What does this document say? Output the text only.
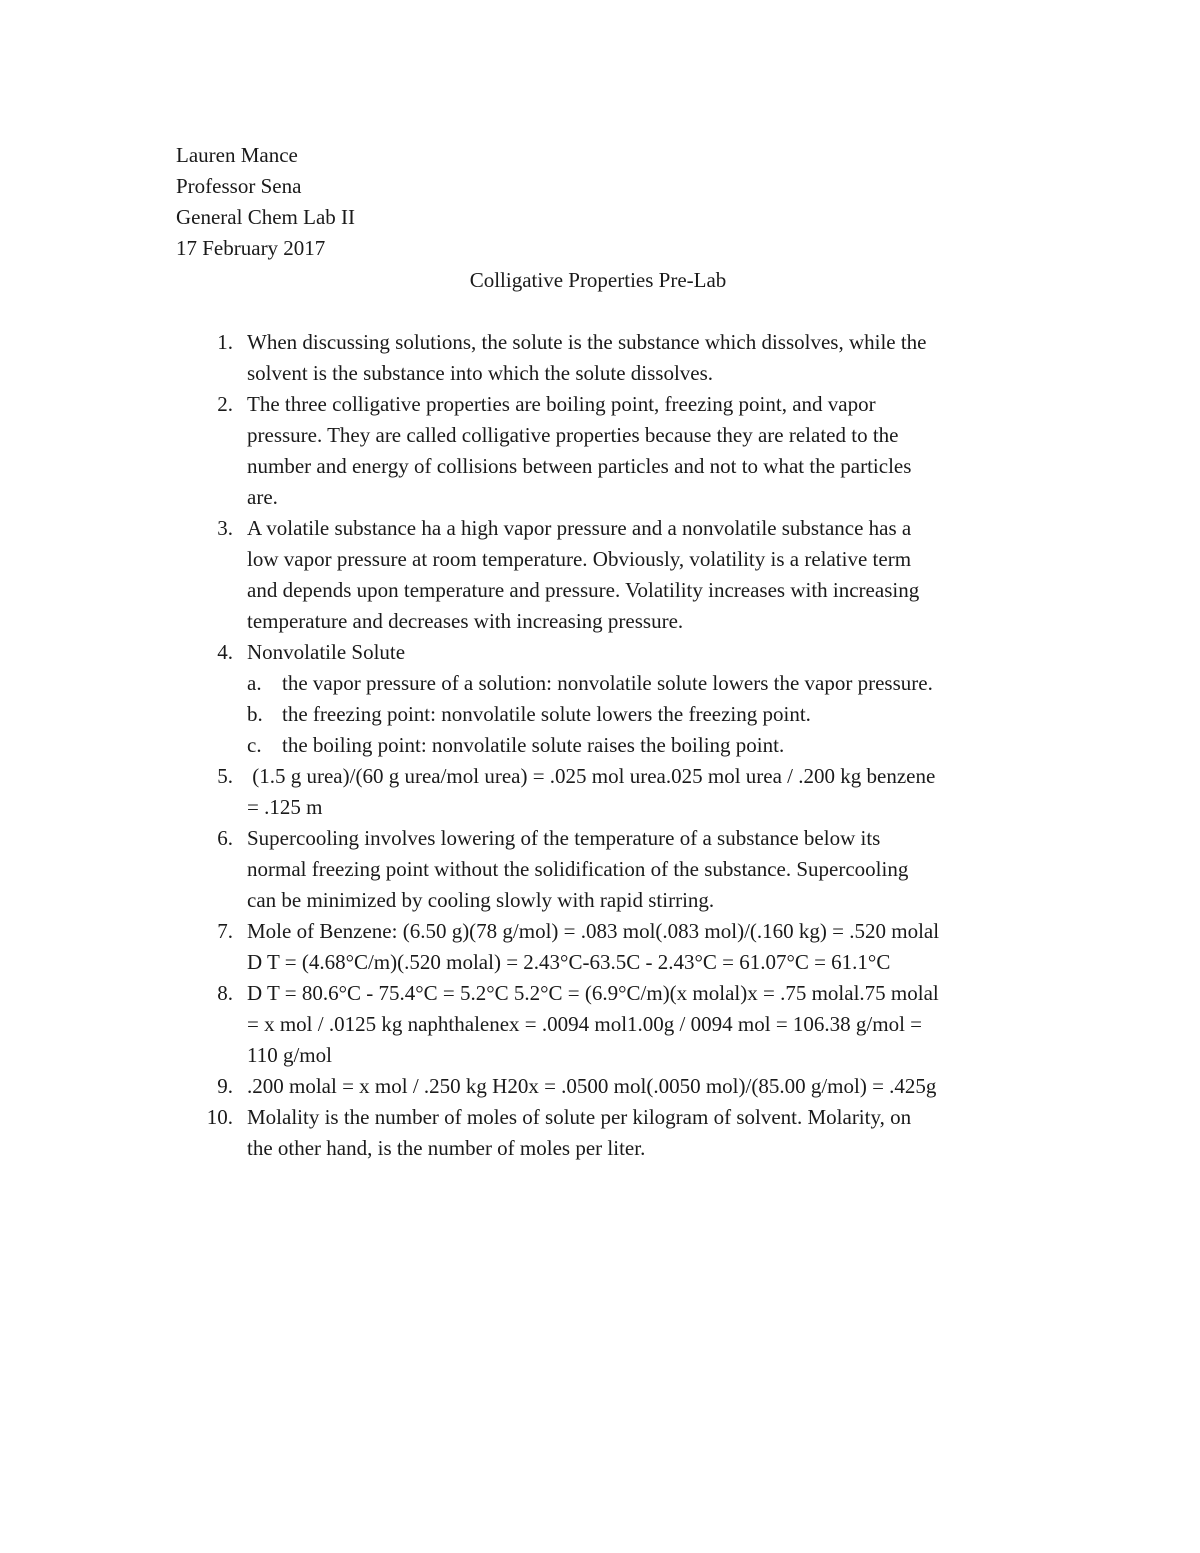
Lauren Mance
Professor Sena
General Chem Lab II
17 February 2017
Colligative Properties Pre-Lab
1. When discussing solutions, the solute is the substance which dissolves, while the
solvent is the substance into which the solute dissolves.
2. The three colligative properties are boiling point, freezing point, and vapor
pressure. They are called colligative properties because they are related to the
number and energy of collisions between particles and not to what the particles
are.
3. A volatile substance ha a high vapor pressure and a nonvolatile substance has a
low vapor pressure at room temperature. Obviously, volatility is a relative term
and depends upon temperature and pressure. Volatility increases with increasing
temperature and decreases with increasing pressure.
4. Nonvolatile Solute
a. the vapor pressure of a solution: nonvolatile solute lowers the vapor pressure.
b. the freezing point: nonvolatile solute lowers the freezing point.
c. the boiling point: nonvolatile solute raises the boiling point.
5. (1.5 g urea)/(60 g urea/mol urea) = .025 mol urea.025 mol urea / .200 kg benzene
= .125 m
6. Supercooling involves lowering of the temperature of a substance below its
normal freezing point without the solidification of the substance. Supercooling
can be minimized by cooling slowly with rapid stirring.
7. Mole of Benzene: (6.50 g)(78 g/mol) = .083 mol(.083 mol)/(.160 kg) = .520 molal
D T = (4.68°C/m)(.520 molal) = 2.43°C-63.5C - 2.43°C = 61.07°C = 61.1°C
8. D T = 80.6°C - 75.4°C = 5.2°C 5.2°C = (6.9°C/m)(x molal)x = .75 molal.75 molal
= x mol / .0125 kg naphthalenex = .0094 mol1.00g / 0094 mol = 106.38 g/mol =
110 g/mol
9. .200 molal = x mol / .250 kg H20x = .0500 mol(.0050 mol)/(85.00 g/mol) = .425g
10. Molality is the number of moles of solute per kilogram of solvent. Molarity, on
the other hand, is the number of moles per liter.
